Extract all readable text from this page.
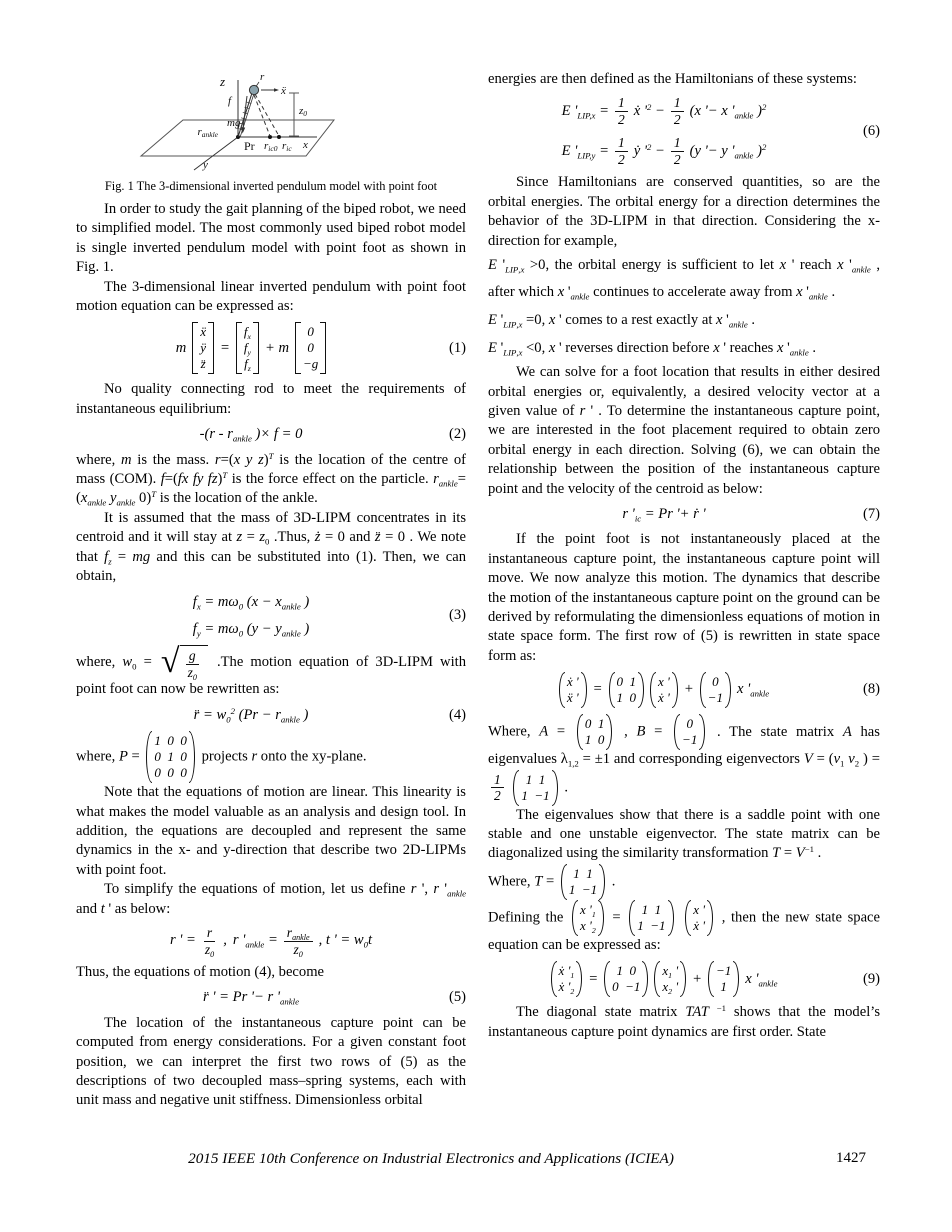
y
z
x
f
mg
r
ẍ
z0
rankle
Pr ric0 ric
Fig. 1 The 3-dimensional inverted pendulum model with point foot

In order to study the gait planning of the biped robot, we need to simplified model. The most commonly used biped robot model is single inverted pendulum model with point foot as shown in Fig. 1.

The 3-dimensional linear inverted pendulum with point foot motion equation can be expressed as:

m
ẍ
ÿ
z̈
=
$f_x$
$f_y$
$f_z$
+ m
0
0
−g
(1)

No quality connecting rod to meet the requirements of instantaneous equilibrium:

$-(r - r_{ankle}$ )× f = 0	(2)

where, m is the mass. r=(x y z)$^T$ is the location of the centre of mass (COM). f=(fx fy fz)$^T$ is the force effect on the particle. $r_{ankle}=(x_{ankle}$ $y_{ankle}$ 0)$^T$ is the location of the ankle.

It is assumed that the mass of 3D-LIPM concentrates in its centroid and it will stay at $z = z_0$ .Thus, ż = 0 and z̈ = 0 . We note that $f_z$ = mg and this can be substituted into (1). Then, we can obtain,

$f_x = m\omega_0$ ($x - x_{ankle}$ )
$f_y = m\omega_0$ ($y - y_{ankle}$ )
(3)

where, $w_0$ = √ $\frac{g}{z_0} .The$ motion equation of 3D-LIPM with point foot can now be rewritten as:

r̈ = $w_0^2$ ($Pr - r_{ankle}$ )	(4)

where, P =
1  0  0
0  1  0
0  0  0
projects r onto the xy-plane.

Note that the equations of motion are linear. This linearity is what makes the model valuable as an analysis and design tool. In addition, the equations are decoupled and represent the same dynamics in the x- and y-direction that describe two 2D-LIPMs with point foot.

To simplify the equations of motion, let us define r ', r '$_{ankle}$ and t ' as below:

r ' = $\frac{r}{z_0}$ , r '$_{ankle} = \frac{r_{ankle}}{z_0}$ , t ' = $w_0t$

Thus, the equations of motion (4), become

r̈ ' = Pr '− r '$_{ankle}$	(5)

The location of the instantaneous capture point can be computed from energy considerations. For a given constant foot position, we can interpret the first two rows of (5) as the descriptions of two decoupled mass–spring systems, each with unit mass and negative unit stiffness. Dimensionless orbital

energies are then defined as the Hamiltonians of these systems:

E '$_{LIP,x} = \frac{1}{2}$ ẋ '$^2 - \frac{1}{2} (x$ '− x '$_{ankle}$ )$^2$
E '$_{LIP,y} = \frac{1}{2}$ ẏ '$^2 - \frac{1}{2} (y$ '− y '$_{ankle}$ )$^2$
(6)

Since Hamiltonians are conserved quantities, so are the orbital energies. The orbital energy for a direction determines the behavior of the 3D-LIPM in that direction. Considering the x-direction for example,

E '$_{LIP,x} >0$, the orbital energy is sufficient to let x ' reach x '$_{ankle}$ , after which x '$_{ankle}$ continues to accelerate away from x '$_{ankle}$ .

E '$_{LIP,x} =0$, x ' comes to a rest exactly at x '$_{ankle}$ .

E '$_{LIP,x} <0$, x ' reverses direction before x ' reaches x '$_{ankle}$ .

We can solve for a foot location that results in either desired orbital energies or, equivalently, a desired velocity vector at a given value of r ' . To determine the instantaneous capture point, we are interested in the foot placement required to obtain zero orbital energy in each direction. Solving (6), we can obtain the relationship between the position of the instantaneous capture point and the velocity of the centroid as below:

r '$_{ic} = Pr$ '+ ṙ '	(7)

If the point foot is not instantaneously placed at the instantaneous capture point, the instantaneous capture point will move. We now analyze this motion. The dynamics that describe the motion of the instantaneous capture point on the ground can be derived by reformulating the dimensionless equations of motion in state space form. The first row of (5) is rewritten in state space form as:

ẋ '
ẍ '
= 0  1
1  0
x '
ẋ '
+ 0
−1
x '$_{ankle}$	(8)

Where, A = 0  1
1  0
, B = 0
−1
. The state matrix A has eigenvalues $\lambda_{1,2} = \pm 1$ and corresponding eigenvectors $V = (v_1$ $v_2$ ) =
$\frac{1}{2}$
1  1
1  −1
.

The eigenvalues show that there is a saddle point with one stable and one unstable eigenvector. The state matrix can be diagonalized using the similarity transformation $T = V^{-1}$ .

Where, T = 1  1
1  −1
.

Defining the x '$_1$
x '$_2$
= 1  1
1  −1

x '
ẋ '
, then the new state space equation can be expressed as:

ẋ '$_1$
ẋ '$_2$
= 1  0
0  −1
$x_1$ '
$x_2$ '
+ −1
1
x '$_{ankle}$	(9)

The diagonal state matrix TAT $^{-1}$ shows that the model’s instantaneous capture point dynamics are first order. State

2015 IEEE 10th Conference on Industrial Electronics and Applications (ICIEA)	1427
